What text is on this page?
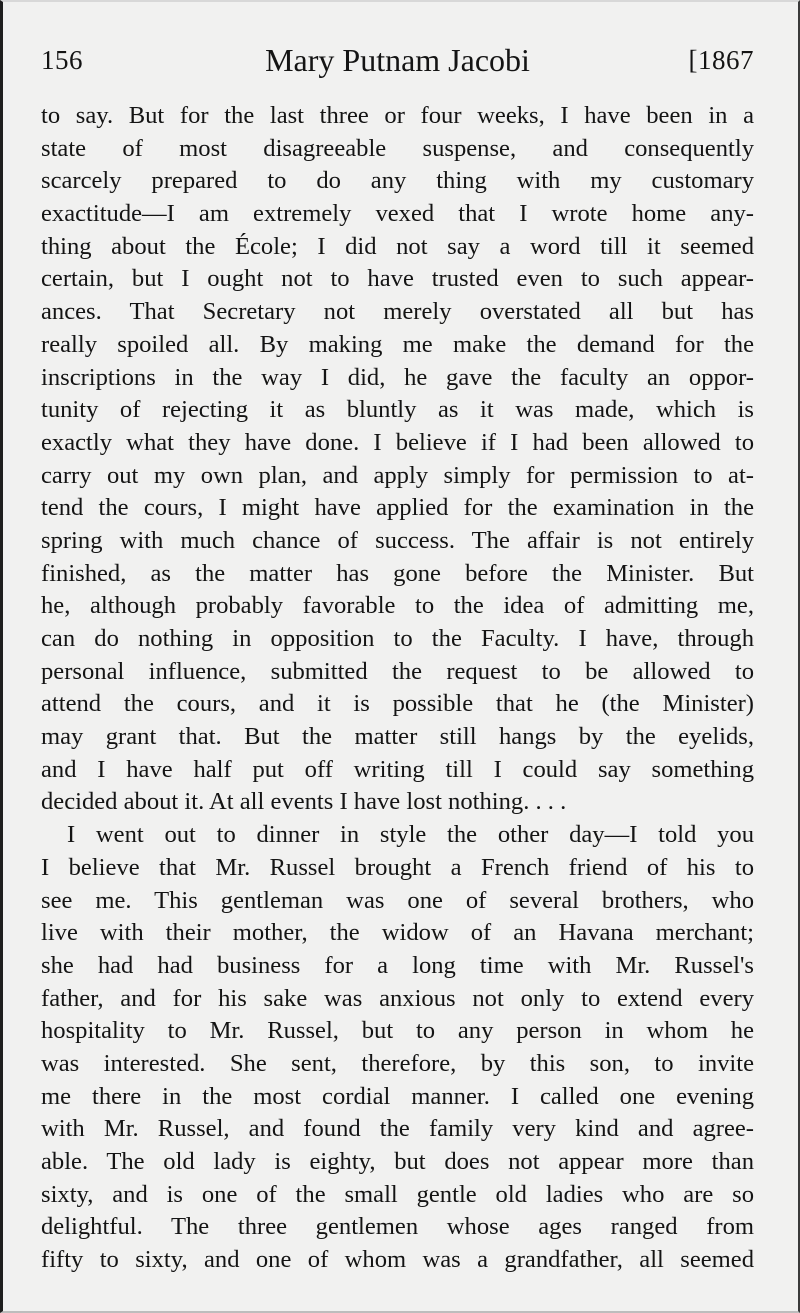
156	Mary Putnam Jacobi	[1867
to say. But for the last three or four weeks, I have been in a
state of most disagreeable suspense, and consequently
scarcely prepared to do any thing with my customary
exactitude—I am extremely vexed that I wrote home any-
thing about the École; I did not say a word till it seemed
certain, but I ought not to have trusted even to such appear-
ances. That Secretary not merely overstated all but has
really spoiled all. By making me make the demand for the
inscriptions in the way I did, he gave the faculty an oppor-
tunity of rejecting it as bluntly as it was made, which is
exactly what they have done. I believe if I had been allowed to
carry out my own plan, and apply simply for permission to at-
tend the cours, I might have applied for the examination in the
spring with much chance of success. The affair is not entirely
finished, as the matter has gone before the Minister. But
he, although probably favorable to the idea of admitting me,
can do nothing in opposition to the Faculty. I have, through
personal influence, submitted the request to be allowed to
attend the cours, and it is possible that he (the Minister)
may grant that. But the matter still hangs by the eyelids,
and I have half put off writing till I could say something
decided about it. At all events I have lost nothing. . . .
I went out to dinner in style the other day—I told you
I believe that Mr. Russel brought a French friend of his to
see me. This gentleman was one of several brothers, who
live with their mother, the widow of an Havana merchant;
she had had business for a long time with Mr. Russel's
father, and for his sake was anxious not only to extend every
hospitality to Mr. Russel, but to any person in whom he
was interested. She sent, therefore, by this son, to invite
me there in the most cordial manner. I called one evening
with Mr. Russel, and found the family very kind and agree-
able. The old lady is eighty, but does not appear more than
sixty, and is one of the small gentle old ladies who are so
delightful. The three gentlemen whose ages ranged from
fifty to sixty, and one of whom was a grandfather, all seemed
